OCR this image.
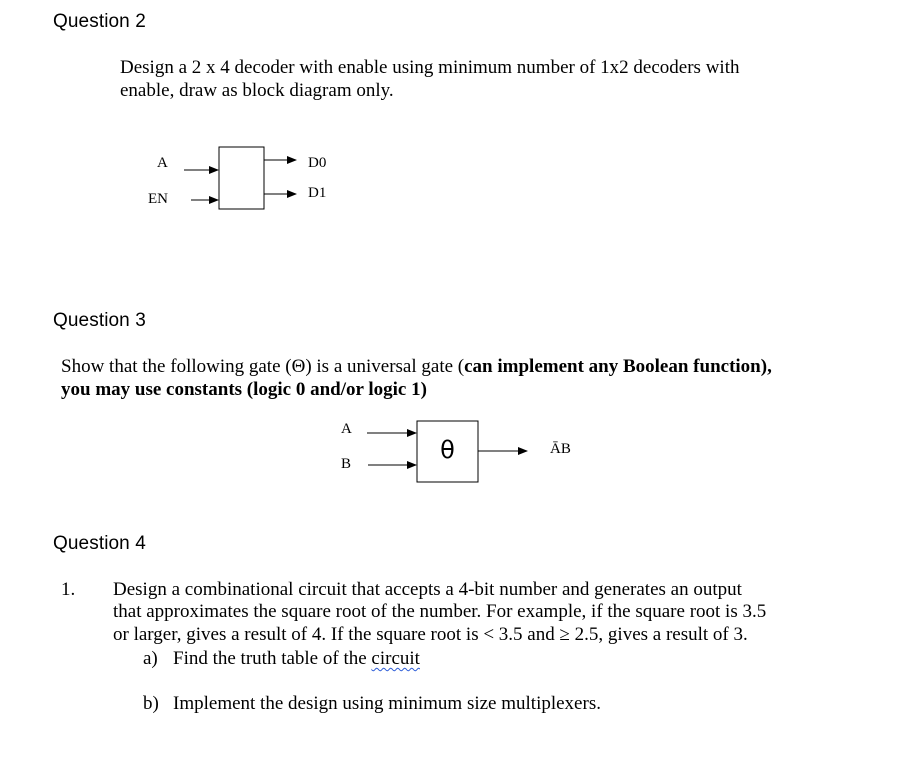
Question 2
Design a 2 x 4 decoder with enable using minimum number of 1x2 decoders with
enable, draw as block diagram only.
A
EN
D0
D1
Question 3
Show that the following gate (Θ) is a universal gate (can implement any Boolean function),
you may use constants (logic 0 and/or logic 1)
A
B	θ	ĀB
Question 4
1. Design a combinational circuit that accepts a 4-bit number and generates an output
that approximates the square root of the number. For example, if the square root is 3.5
or larger, gives a result of 4. If the square root is < 3.5 and ≥ 2.5, gives a result of 3.
a) Find the truth table of the circuit
b) Implement the design using minimum size multiplexers.
